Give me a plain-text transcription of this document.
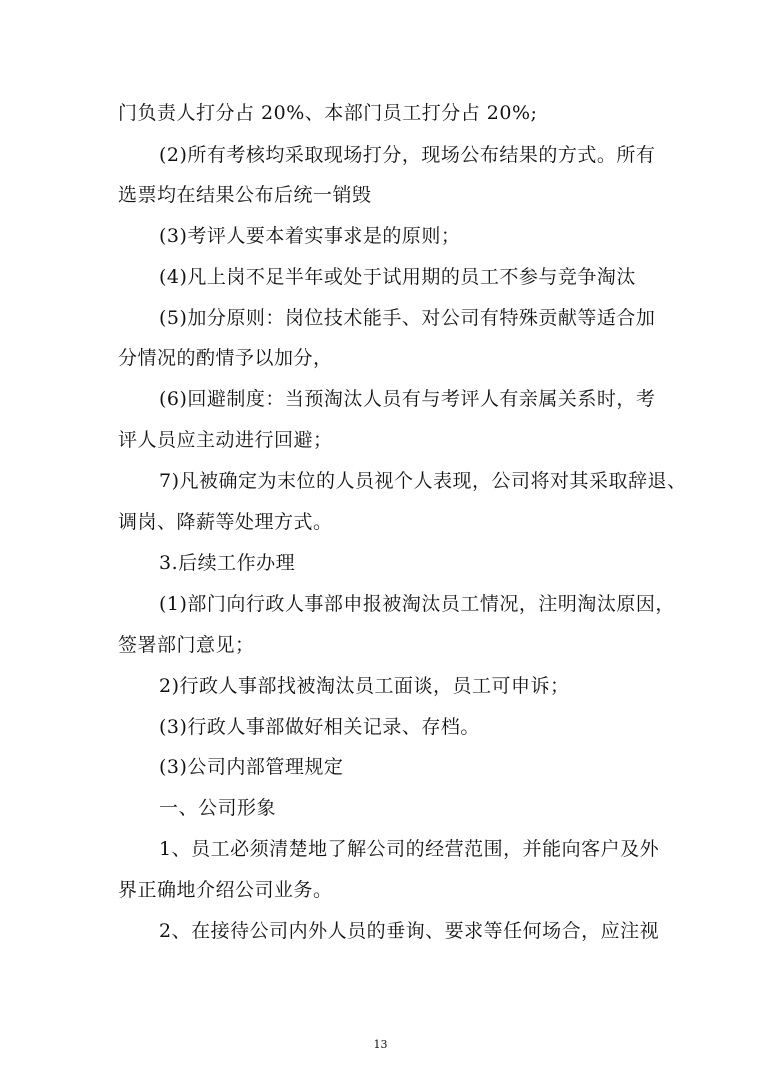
门负责人打分占 20%、本部门员工打分占 20%;
(2)所有考核均采取现场打分，现场公布结果的方式。所有
选票均在结果公布后统一销毁
(3)考评人要本着实事求是的原则；
(4)凡上岗不足半年或处于试用期的员工不参与竞争淘汰
(5)加分原则：岗位技术能手、对公司有特殊贡献等适合加
分情况的酌情予以加分，
(6)回避制度：当预淘汰人员有与考评人有亲属关系时，考
评人员应主动进行回避；
7)凡被确定为末位的人员视个人表现，公司将对其采取辞退、
调岗、降薪等处理方式。
3.后续工作办理
(1)部门向行政人事部申报被淘汰员工情况，注明淘汰原因，
签署部门意见；
2)行政人事部找被淘汰员工面谈，员工可申诉；
(3)行政人事部做好相关记录、存档。
(3)公司内部管理规定
一、公司形象
1、员工必须清楚地了解公司的经营范围，并能向客户及外
界正确地介绍公司业务。
2、在接待公司内外人员的垂询、要求等任何场合，应注视
13
